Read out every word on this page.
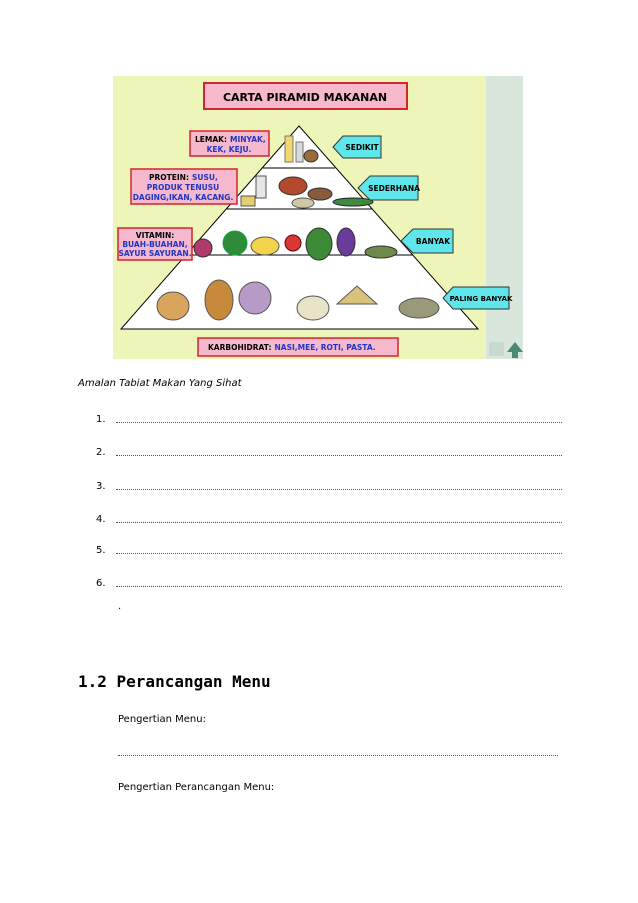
CARTA PIRAMID MAKANAN
LEMAK: MINYAK,
KEK, KEJU.
PROTEIN: SUSU,
PRODUK TENUSU
DAGING,IKAN, KACANG.
VITAMIN:
BUAH-BUAHAN,
SAYUR SAYURAN.
SEDIKIT
SEDERHANA
BANYAK
PALING BANYAK
KARBOHIDRAT: NASI,MEE, ROTI, PASTA.
Amalan Tabiat Makan Yang Sihat
1.
2.
3.
4.
5.
6.
.
1.2 Perancangan Menu
Pengertian Menu:
Pengertian Perancangan Menu:
